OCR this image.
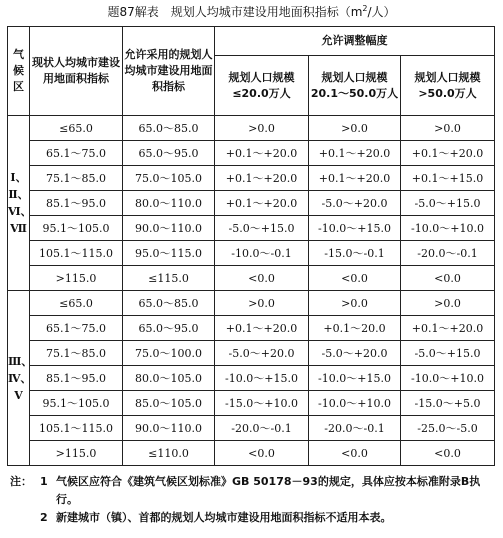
题87解表　规划人均城市建设用地面积指标（$m^2/$人）
气候区	现状人均城市建设用地面积指标	允许采用的规划人均城市建设用地面积指标	允许调整幅度		
			规划人口规模≤20.0万人	规划人口规模20.1～50.0万人	规划人口规模>50.0万人
Ⅰ、Ⅱ、Ⅵ、Ⅶ	≤65.0	65.0～85.0	>0.0	>0.0	>0.0
	65.1～75.0	65.0～95.0	+0.1～+20.0	+0.1～+20.0	+0.1～+20.0
	75.1～85.0	75.0～105.0	+0.1～+20.0	+0.1～+20.0	+0.1～+15.0
	85.1～95.0	80.0～110.0	+0.1～+20.0	-5.0～+20.0	-5.0～+15.0
	95.1～105.0	90.0～110.0	-5.0～+15.0	-10.0～+15.0	-10.0～+10.0
	105.1～115.0	95.0～115.0	-10.0～-0.1	-15.0～-0.1	-20.0～-0.1
	>115.0	≤115.0	<0.0	<0.0	<0.0
Ⅲ、Ⅳ、Ⅴ	≤65.0	65.0～85.0	>0.0	>0.0	>0.0
	65.1～75.0	65.0～95.0	+0.1～+20.0	+0.1～20.0	+0.1～+20.0
	75.1～85.0	75.0～100.0	-5.0～+20.0	-5.0～+20.0	-5.0～+15.0
	85.1～95.0	80.0～105.0	-10.0～+15.0	-10.0～+15.0	-10.0～+10.0
	95.1～105.0	85.0～105.0	-15.0～+10.0	-10.0～+10.0	-15.0～+5.0
	105.1～115.0	90.0～110.0	-20.0～-0.1	-20.0～-0.1	-25.0～-5.0
	>115.0	≤110.0	<0.0	<0.0	<0.0
注： 1 气候区应符合《建筑气候区划标准》GB 50178－93的规定，具体应按本标准附录B执行。
2 新建城市（镇）、首都的规划人均城市建设用地面积指标不适用本表。
